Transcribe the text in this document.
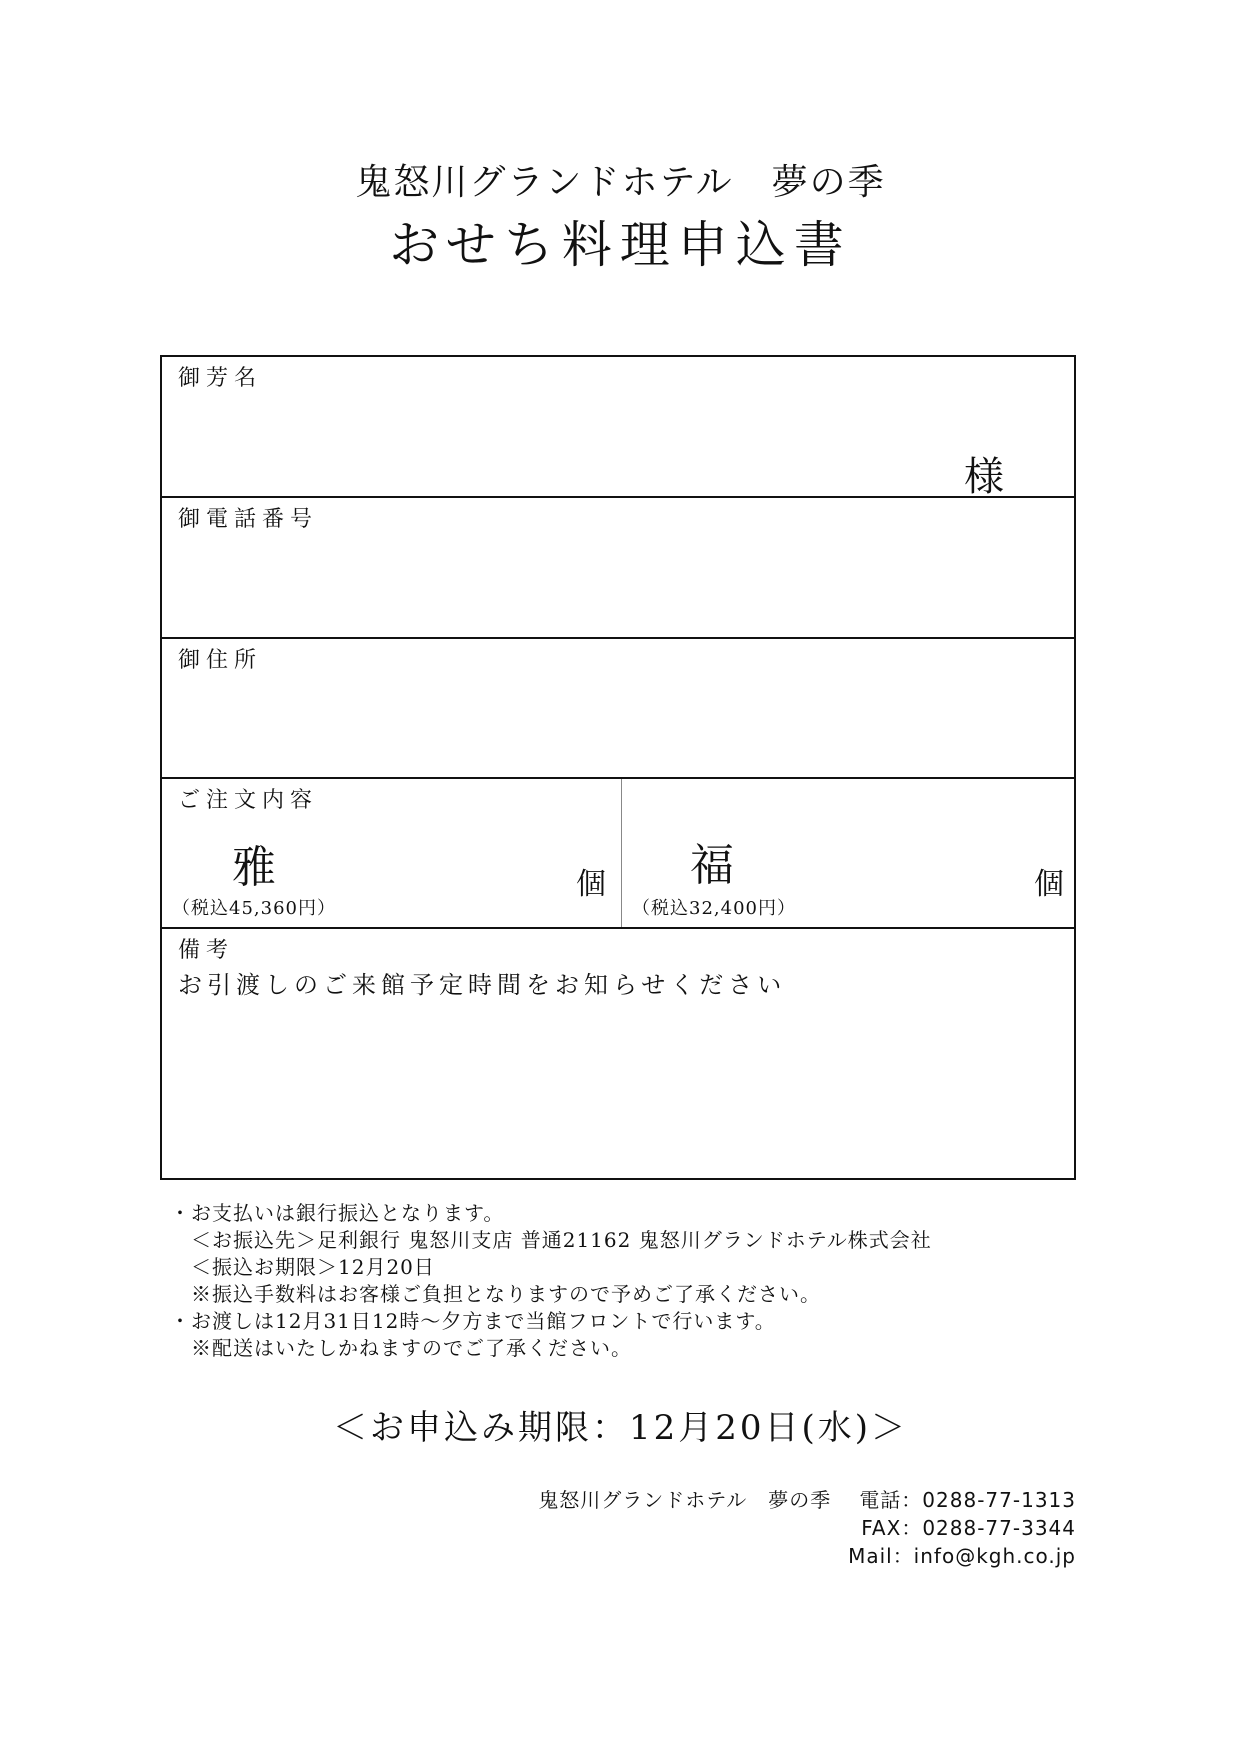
鬼怒川グランドホテル　夢の季
おせち料理申込書
御芳名
様
御電話番号
御住所
ご注文内容
雅
（税込45,360円）
個 福
（税込32,400円）
個
備考
お引渡しのご来館予定時間をお知らせください
・お支払いは銀行振込となります。
　＜お振込先＞足利銀行 鬼怒川支店 普通21162 鬼怒川グランドホテル株式会社
　＜振込お期限＞12月20日
　※振込手数料はお客様ご負担となりますので予めご了承ください。
・お渡しは12月31日12時～夕方まで当館フロントで行います。
　※配送はいたしかねますのでご了承ください。
＜お申込み期限：12月20日(水)＞
鬼怒川グランドホテル　夢の季 電話：0288-77-1313
FAX：0288-77-3344
Mail：info@kgh.co.jp
